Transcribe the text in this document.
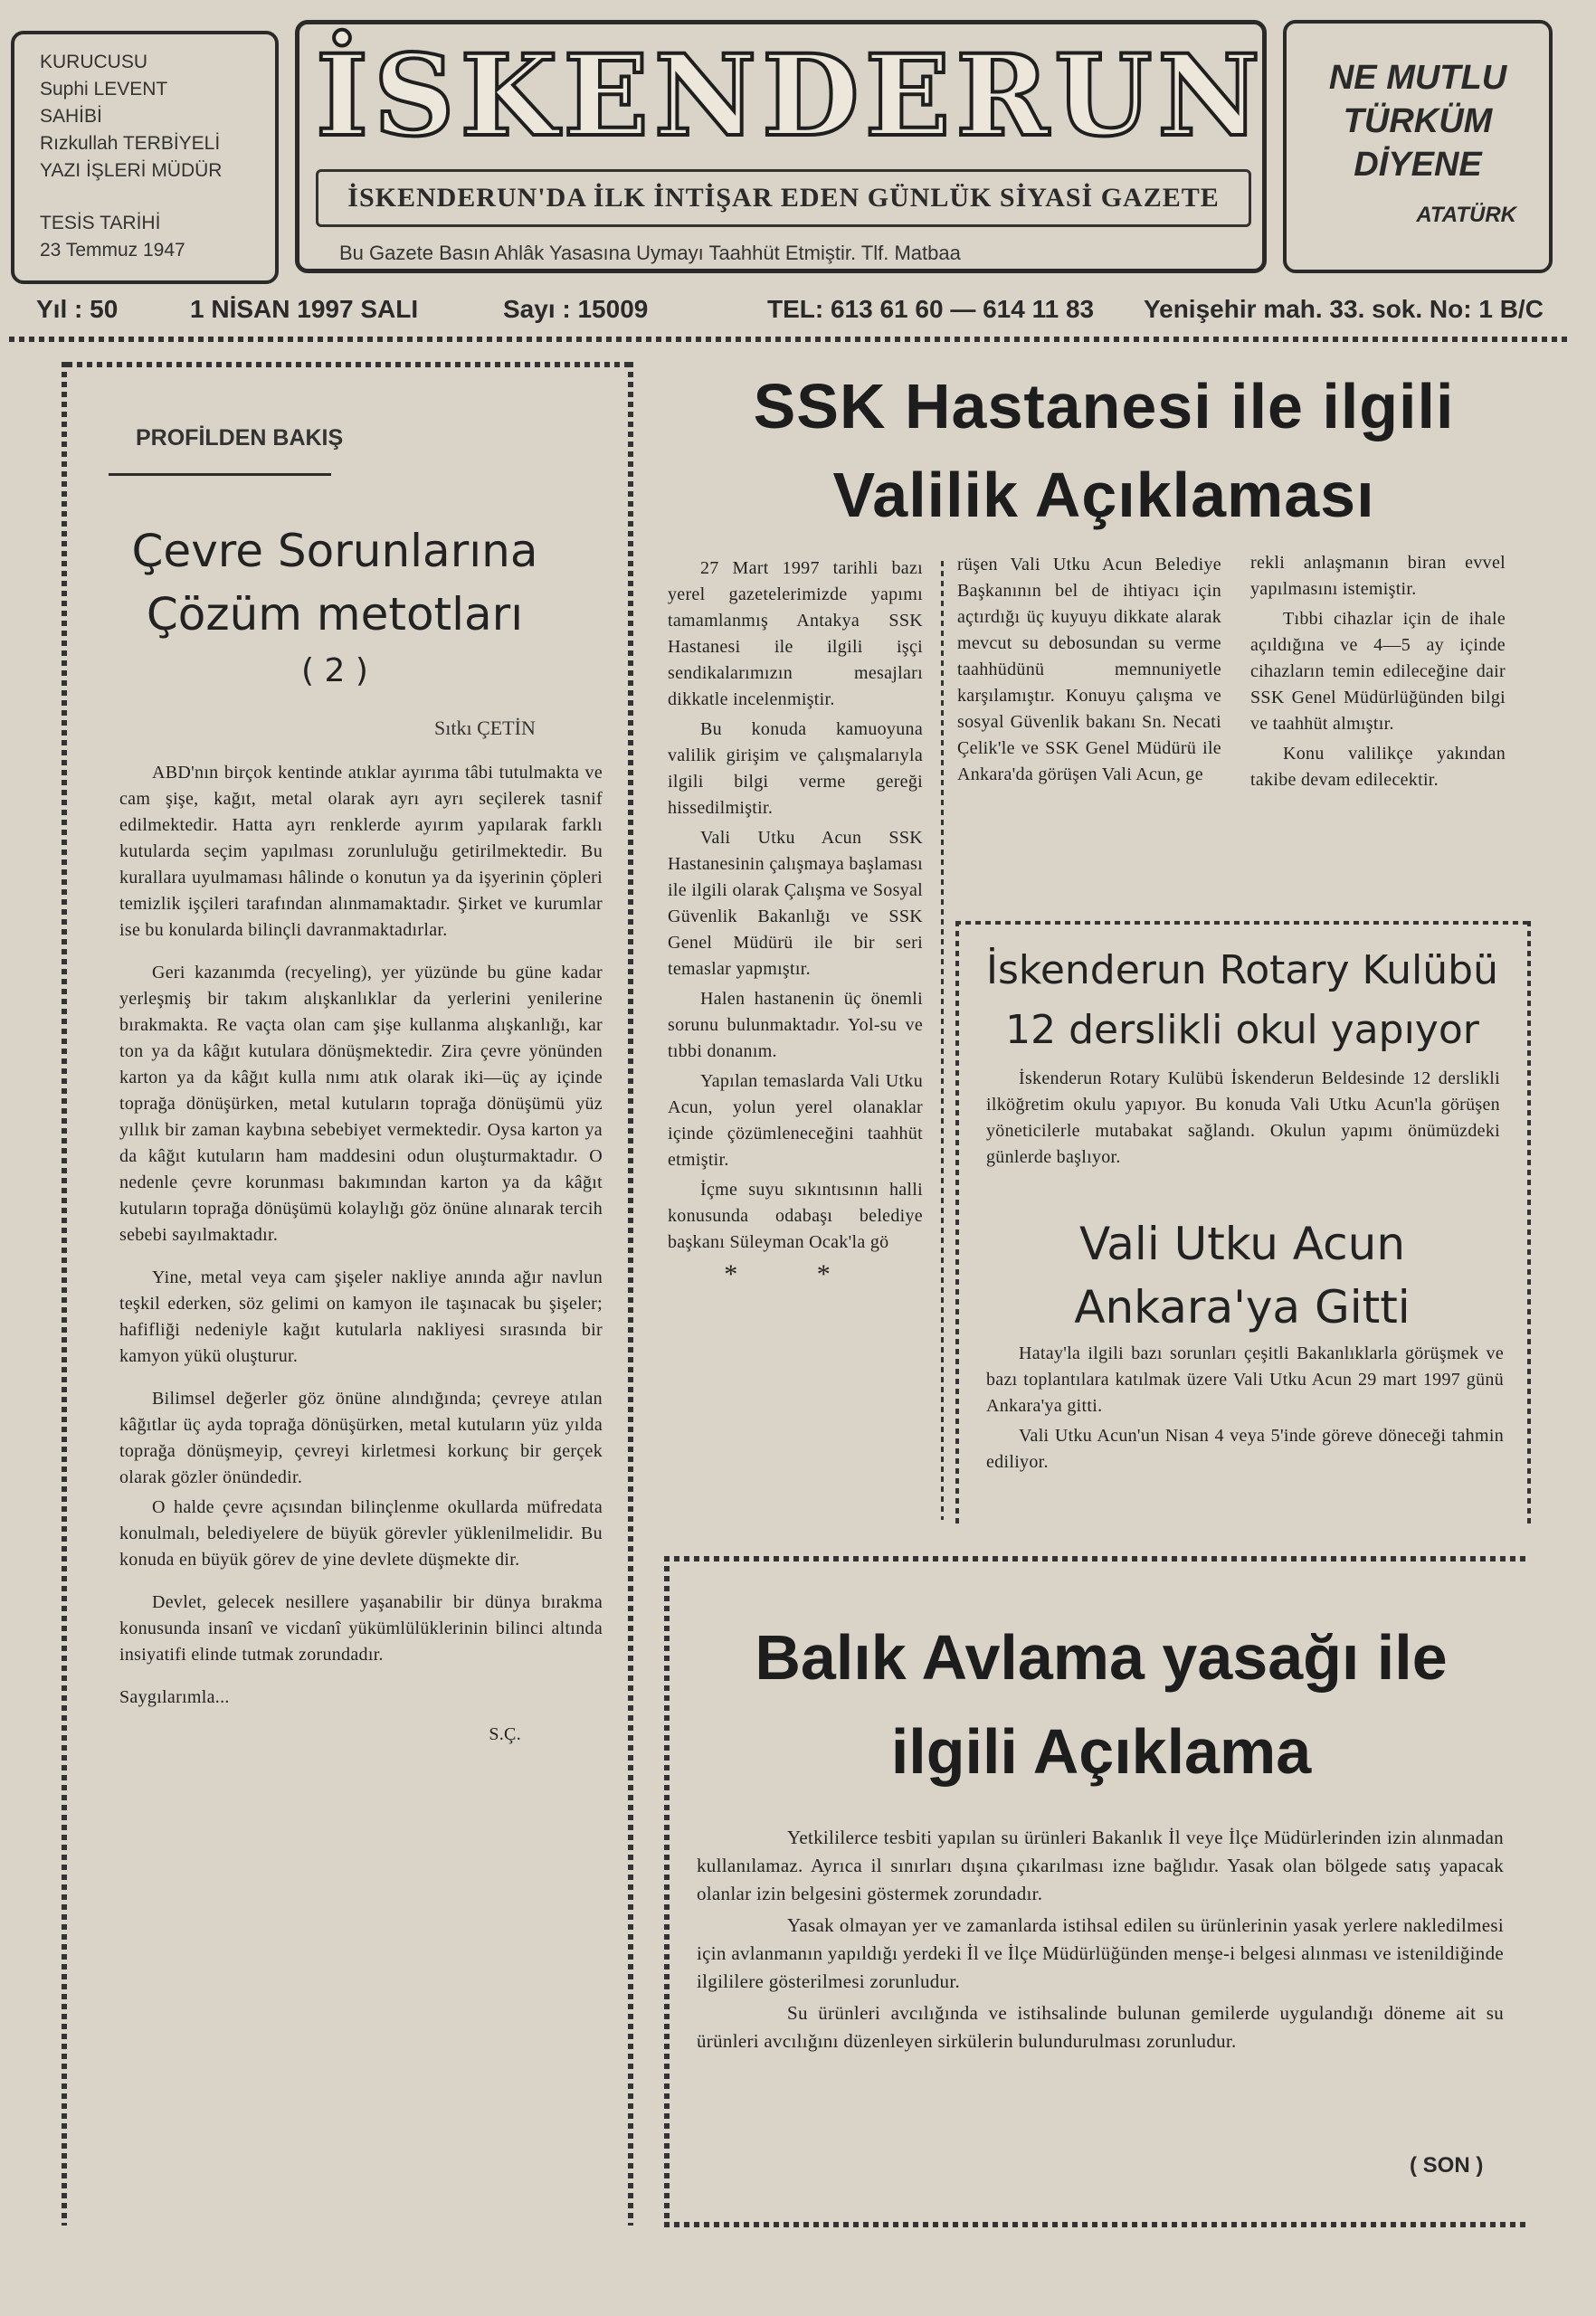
KURUCUSU
Suphi LEVENT
SAHİBİ
Rızkullah TERBİYELİ
YAZI İŞLERİ MÜDÜR
TESİS TARİHİ
23 Temmuz 1947
İSKENDERUN
İSKENDERUN'DA İLK İNTİŞAR EDEN GÜNLÜK SİYASİ GAZETE
Bu Gazete Basın Ahlâk Yasasına Uymayı Taahhüt Etmiştir. Tlf. Matbaa
NE MUTLU
TÜRKÜM
DİYENE
ATATÜRK
Yıl : 50	1 NİSAN 1997 SALI	Sayı : 15009	TEL: 613 61 60 — 614 11 83 Yenişehir mah. 33. sok. No: 1 B/C
PROFİLDEN BAKIŞ
Çevre Sorunlarına
Çözüm metotları
( 2 )
Sıtkı ÇETİN

ABD'nın birçok kentinde atıklar ayırıma tâbi tutulmakta ve cam şişe, kağıt, metal olarak ayrı ayrı seçilerek tasnif edilmektedir. Hatta ayrı renklerde ayırım yapılarak farklı kutularda seçim yapılması zorunluluğu getirilmektedir. Bu kurallara uyulmaması hâlinde o konutun ya da işyerinin çöpleri temizlik işçileri tarafından alınmamaktadır. Şirket ve kurumlar ise bu konularda bilinçli davranmaktadırlar.

Geri kazanımda (recyeling), yer yüzünde bu güne kadar yerleşmiş bir takım alışkanlıklar da yerlerini yenilerine bırakmakta. Re vaçta olan cam şişe kullanma alışkanlığı, kar ton ya da kâğıt kutulara dönüşmektedir. Zira çevre yönünden karton ya da kâğıt kulla nımı atık olarak iki—üç ay içinde toprağa dönüşürken, metal kutuların toprağa dönüşümü yüz yıllık bir zaman kaybına sebebiyet vermektedir. Oysa karton ya da kâğıt kutuların ham maddesini odun oluşturmaktadır. O nedenle çevre korunması bakımından karton ya da kâğıt kutuların toprağa dönüşümü kolaylığı göz önüne alınarak tercih sebebi sayılmaktadır.

Yine, metal veya cam şişeler nakliye anında ağır navlun teşkil ederken, söz gelimi on kamyon ile taşınacak bu şişeler; hafifliği nedeniyle kağıt kutularla nakliyesi sırasında bir kamyon yükü oluşturur.

Bilimsel değerler göz önüne alındığında; çevreye atılan kâğıtlar üç ayda toprağa dönüşürken, metal kutuların yüz yılda toprağa dönüşmeyip, çevreyi kirletmesi korkunç bir gerçek olarak gözler önündedir.

O halde çevre açısından bilinçlenme okullarda müfredata konulmalı, belediyelere de büyük görevler yüklenilmelidir. Bu konuda en büyük görev de yine devlete düşmekte dir.

Devlet, gelecek nesillere yaşanabilir bir dünya bırakma konusunda insanî ve vicdanî yükümlülüklerinin bilinci altında insiyatifi elinde tutmak zorundadır.

Saygılarımla...

S.Ç.

SSK Hastanesi ile ilgili
Valilik Açıklaması

27 Mart 1997 tarihli bazı yerel gazetelerimizde yapımı tamamlanmış Antakya SSK Hastanesi ile ilgili işçi sendikalarımızın mesajları dikkatle incelenmiştir.

Bu konuda kamuoyuna valilik girişim ve çalışmalarıyla ilgili bilgi verme gereği hissedilmiştir.

Vali Utku Acun SSK Hastanesinin çalışmaya başlaması ile ilgili olarak Çalışma ve Sosyal Güvenlik Bakanlığı ve SSK Genel Müdürü ile bir seri temaslar yapmıştır.

Halen hastanenin üç önemli sorunu bulunmaktadır. Yol-su ve tıbbi donanım.

Yapılan temaslarda Vali Utku Acun, yolun yerel olanaklar içinde çözümleneceğini taahhüt etmiştir.

İçme suyu sıkıntısının halli konusunda odabaşı belediye başkanı Süleyman Ocak'la gö

* *

rüşen Vali Utku Acun Belediye Başkanının bel de ihtiyacı için açtırdığı üç kuyuyu dikkate alarak mevcut su debosundan su verme taahhüdünü memnuniyetle karşılamıştır. Konuyu çalışma ve sosyal Güvenlik bakanı Sn. Necati Çelik'le ve SSK Genel Müdürü ile Ankara'da görüşen Vali Acun, ge

rekli anlaşmanın biran evvel yapılmasını istemiştir.

Tıbbi cihazlar için de ihale açıldığına ve 4—5 ay içinde cihazların temin edileceğine dair SSK Genel Müdürlüğünden bilgi ve taahhüt almıştır.

Konu valilikçe yakından takibe devam edilecektir.

İskenderun Rotary Kulübü
12 derslikli okul yapıyor

İskenderun Rotary Kulübü İskenderun Beldesinde 12 derslikli ilköğretim okulu yapıyor. Bu konuda Vali Utku Acun'la görüşen yöneticilerle mutabakat sağlandı. Okulun yapımı önümüzdeki günlerde başlıyor.

Vali Utku Acun
Ankara'ya Gitti

Hatay'la ilgili bazı sorunları çeşitli Bakanlıklarla görüşmek ve bazı toplantılara katılmak üzere Vali Utku Acun 29 mart 1997 günü Ankara'ya gitti.

Vali Utku Acun'un Nisan 4 veya 5'inde göreve döneceği tahmin ediliyor.

Balık Avlama yasağı ile
ilgili Açıklama

Yetkililerce tesbiti yapılan su ürünleri Bakanlık İl veye İlçe Müdürlerinden izin alınmadan kullanılamaz. Ayrıca il sınırları dışına çıkarılması izne bağlıdır. Yasak olan bölgede satış yapacak olanlar izin belgesini göstermek zorundadır.

Yasak olmayan yer ve zamanlarda istihsal edilen su ürünlerinin yasak yerlere nakledilmesi için avlanmanın yapıldığı yerdeki İl ve İlçe Müdürlüğünden menşe-i belgesi alınması ve istenildiğinde ilgililere gösterilmesi zorunludur.

Su ürünleri avcılığında ve istihsalinde bulunan gemilerde uygulandığı döneme ait su ürünleri avcılığını düzenleyen sirkülerin bulundurulması zorunludur.

( SON )
